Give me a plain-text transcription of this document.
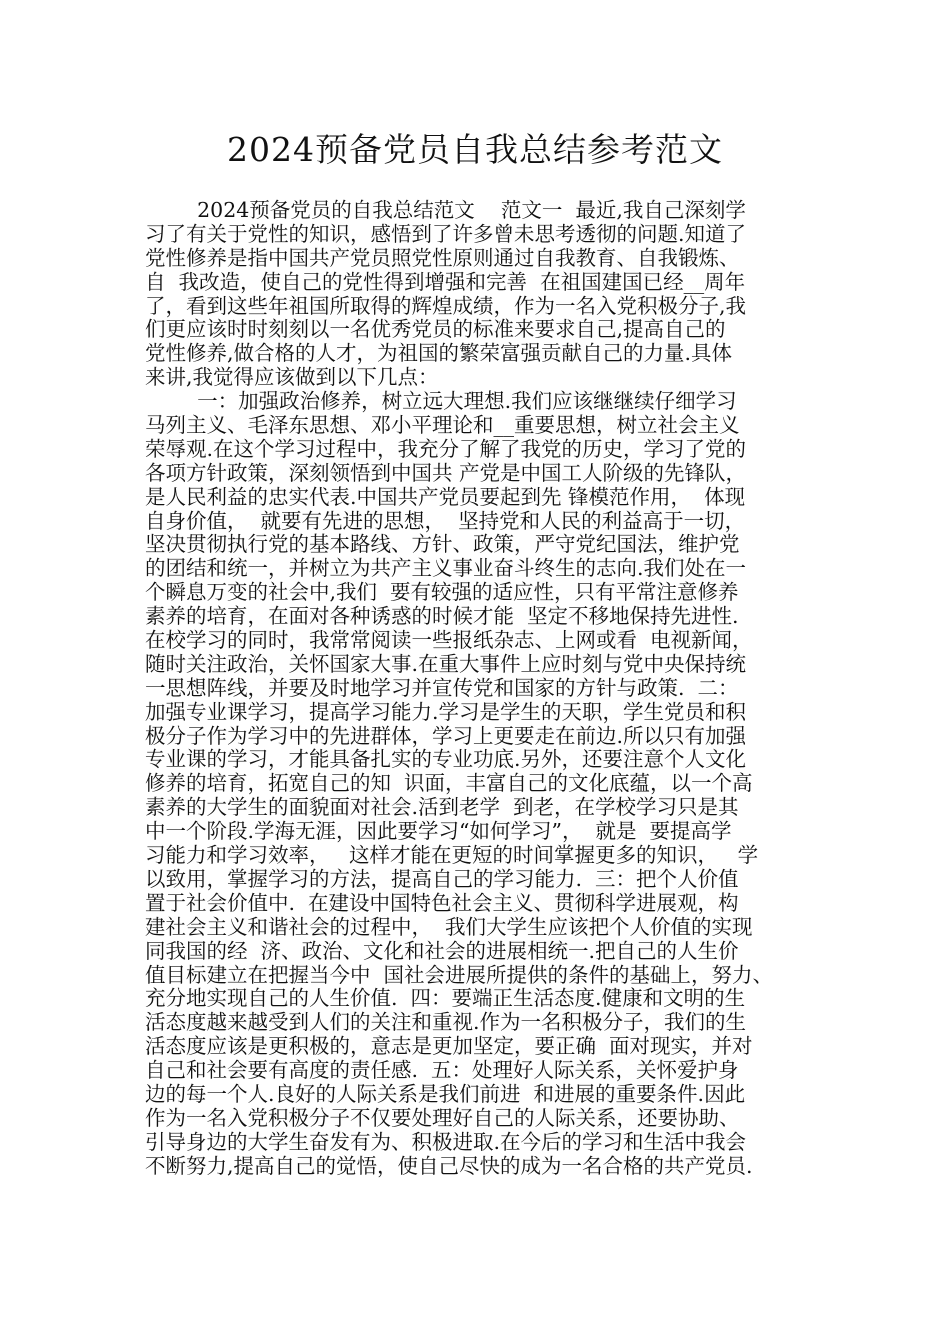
2024预备党员自我总结参考范文
2024预备党员的自我总结范文    范文一  最近,我自己深刻学
习了有关于党性的知识，感悟到了许多曾未思考透彻的问题.知道了
党性修养是指中国共产党员照党性原则通过自我教育、自我锻炼、
自  我改造，使自己的党性得到增强和完善  在祖国建国已经__周年
了，看到这些年祖国所取得的辉煌成绩，作为一名入党积极分子,我
们更应该时时刻刻以一名优秀党员的标准来要求自己,提高自己的
党性修养,做合格的人才，为祖国的繁荣富强贡献自己的力量.具体
来讲,我觉得应该做到以下几点：
一：加强政治修养，树立远大理想.我们应该继继续仔细学习
马列主义、毛泽东思想、邓小平理论和__重要思想，树立社会主义
荣辱观.在这个学习过程中，我充分了解了我党的历史，学习了党的
各项方针政策，深刻领悟到中国共 产党是中国工人阶级的先锋队，
是人民利益的忠实代表.中国共产党员要起到先 锋模范作用，  体现
自身价值，  就要有先进的思想，  坚持党和人民的利益高于一切，
坚决贯彻执行党的基本路线、方针、政策，严守党纪国法，维护党
的团结和统一，并树立为共产主义事业奋斗终生的志向.我们处在一
个瞬息万变的社会中,我们  要有较强的适应性，只有平常注意修养
素养的培育，在面对各种诱惑的时候才能  坚定不移地保持先进性.
在校学习的同时，我常常阅读一些报纸杂志、上网或看  电视新闻，
随时关注政治，关怀国家大事.在重大事件上应时刻与党中央保持统
一思想阵线，并要及时地学习并宣传党和国家的方针与政策.  二：
加强专业课学习，提高学习能力.学习是学生的天职，学生党员和积
极分子作为学习中的先进群体，学习上更要走在前边.所以只有加强
专业课的学习，才能具备扎实的专业功底.另外，还要注意个人文化
修养的培育，拓宽自己的知  识面，丰富自己的文化底蕴，以一个高
素养的大学生的面貌面对社会.活到老学  到老，在学校学习只是其
中一个阶段.学海无涯，因此要学习“如何学习”，  就是  要提高学
习能力和学习效率，   这样才能在更短的时间掌握更多的知识，   学
以致用，掌握学习的方法，提高自己的学习能力.  三：把个人价值
置于社会价值中.  在建设中国特色社会主义、贯彻科学进展观，构
建社会主义和谐社会的过程中，  我们大学生应该把个人价值的实现
同我国的经  济、政治、文化和社会的进展相统一.把自己的人生价
值目标建立在把握当今中  国社会进展所提供的条件的基础上，努力、
充分地实现自己的人生价值.  四：要端正生活态度.健康和文明的生
活态度越来越受到人们的关注和重视.作为一名积极分子，我们的生
活态度应该是更积极的，意志是更加坚定，要正确  面对现实，并对
自己和社会要有高度的责任感.  五：处理好人际关系，关怀爱护身
边的每一个人.良好的人际关系是我们前进  和进展的重要条件.因此
作为一名入党积极分子不仅要处理好自己的人际关系，还要协助、
引导身边的大学生奋发有为、积极进取.在今后的学习和生活中我会
不断努力,提高自己的觉悟，使自己尽快的成为一名合格的共产党员.
